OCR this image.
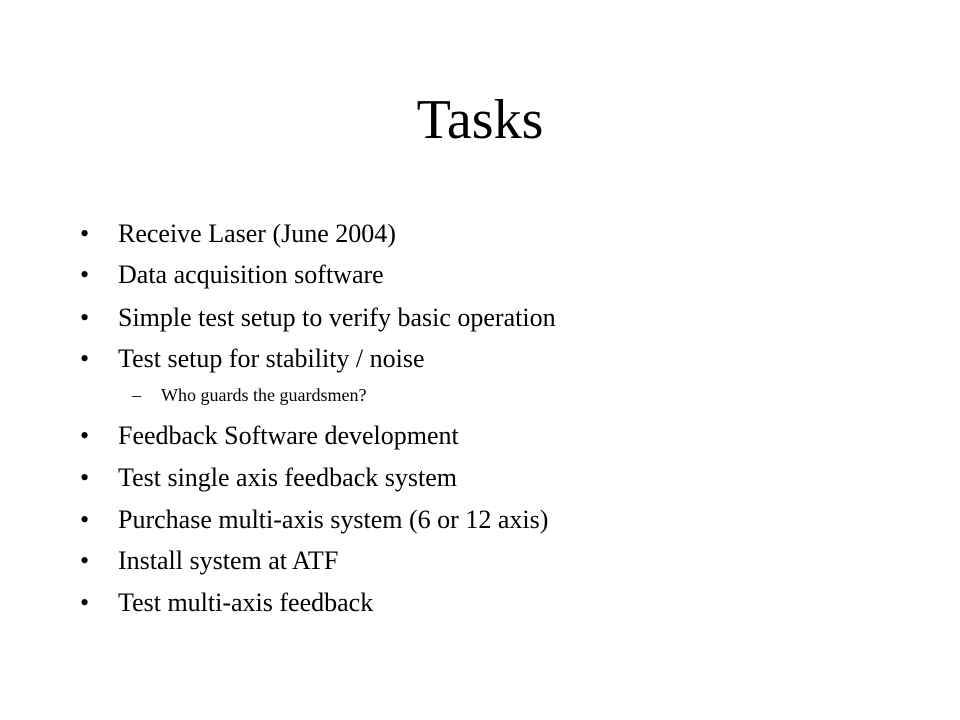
Tasks
• Receive Laser (June 2004)
• Data acquisition software
• Simple test setup to verify basic operation
• Test setup for stability / noise
– Who guards the guardsmen?
• Feedback Software development
• Test single axis feedback system
• Purchase multi-axis system (6 or 12 axis)
• Install system at ATF
• Test multi-axis feedback
